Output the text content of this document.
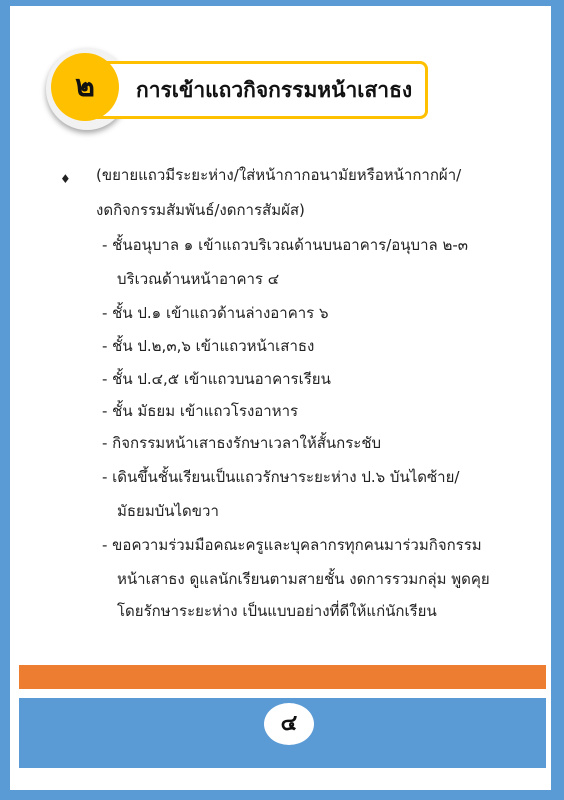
๒	การเข้าแถวกิจกรรมหน้าเสาธง
♦ (ขยายแถวมีระยะห่าง/ใส่หน้ากากอนามัยหรือหน้ากากผ้า/
งดกิจกรรมสัมพันธ์/งดการสัมผัส)
- ชั้นอนุบาล ๑ เข้าแถวบริเวณด้านบนอาคาร/อนุบาล ๒-๓
บริเวณด้านหน้าอาคาร ๔
- ชั้น ป.๑ เข้าแถวด้านล่างอาคาร ๖
- ชั้น ป.๒,๓,๖ เข้าแถวหน้าเสาธง
- ชั้น ป.๔,๕ เข้าแถวบนอาคารเรียน
- ชั้น มัธยม เข้าแถวโรงอาหาร
- กิจกรรมหน้าเสาธงรักษาเวลาให้สั้นกระชับ
- เดินขึ้นชั้นเรียนเป็นแถวรักษาระยะห่าง ป.๖ บันไดซ้าย/
มัธยมบันไดขวา
- ขอความร่วมมือคณะครูและบุคลากรทุกคนมาร่วมกิจกรรม
หน้าเสาธง ดูแลนักเรียนตามสายชั้น งดการรวมกลุ่ม พูดคุย
โดยรักษาระยะห่าง เป็นแบบอย่างที่ดีให้แก่นักเรียน
๔
